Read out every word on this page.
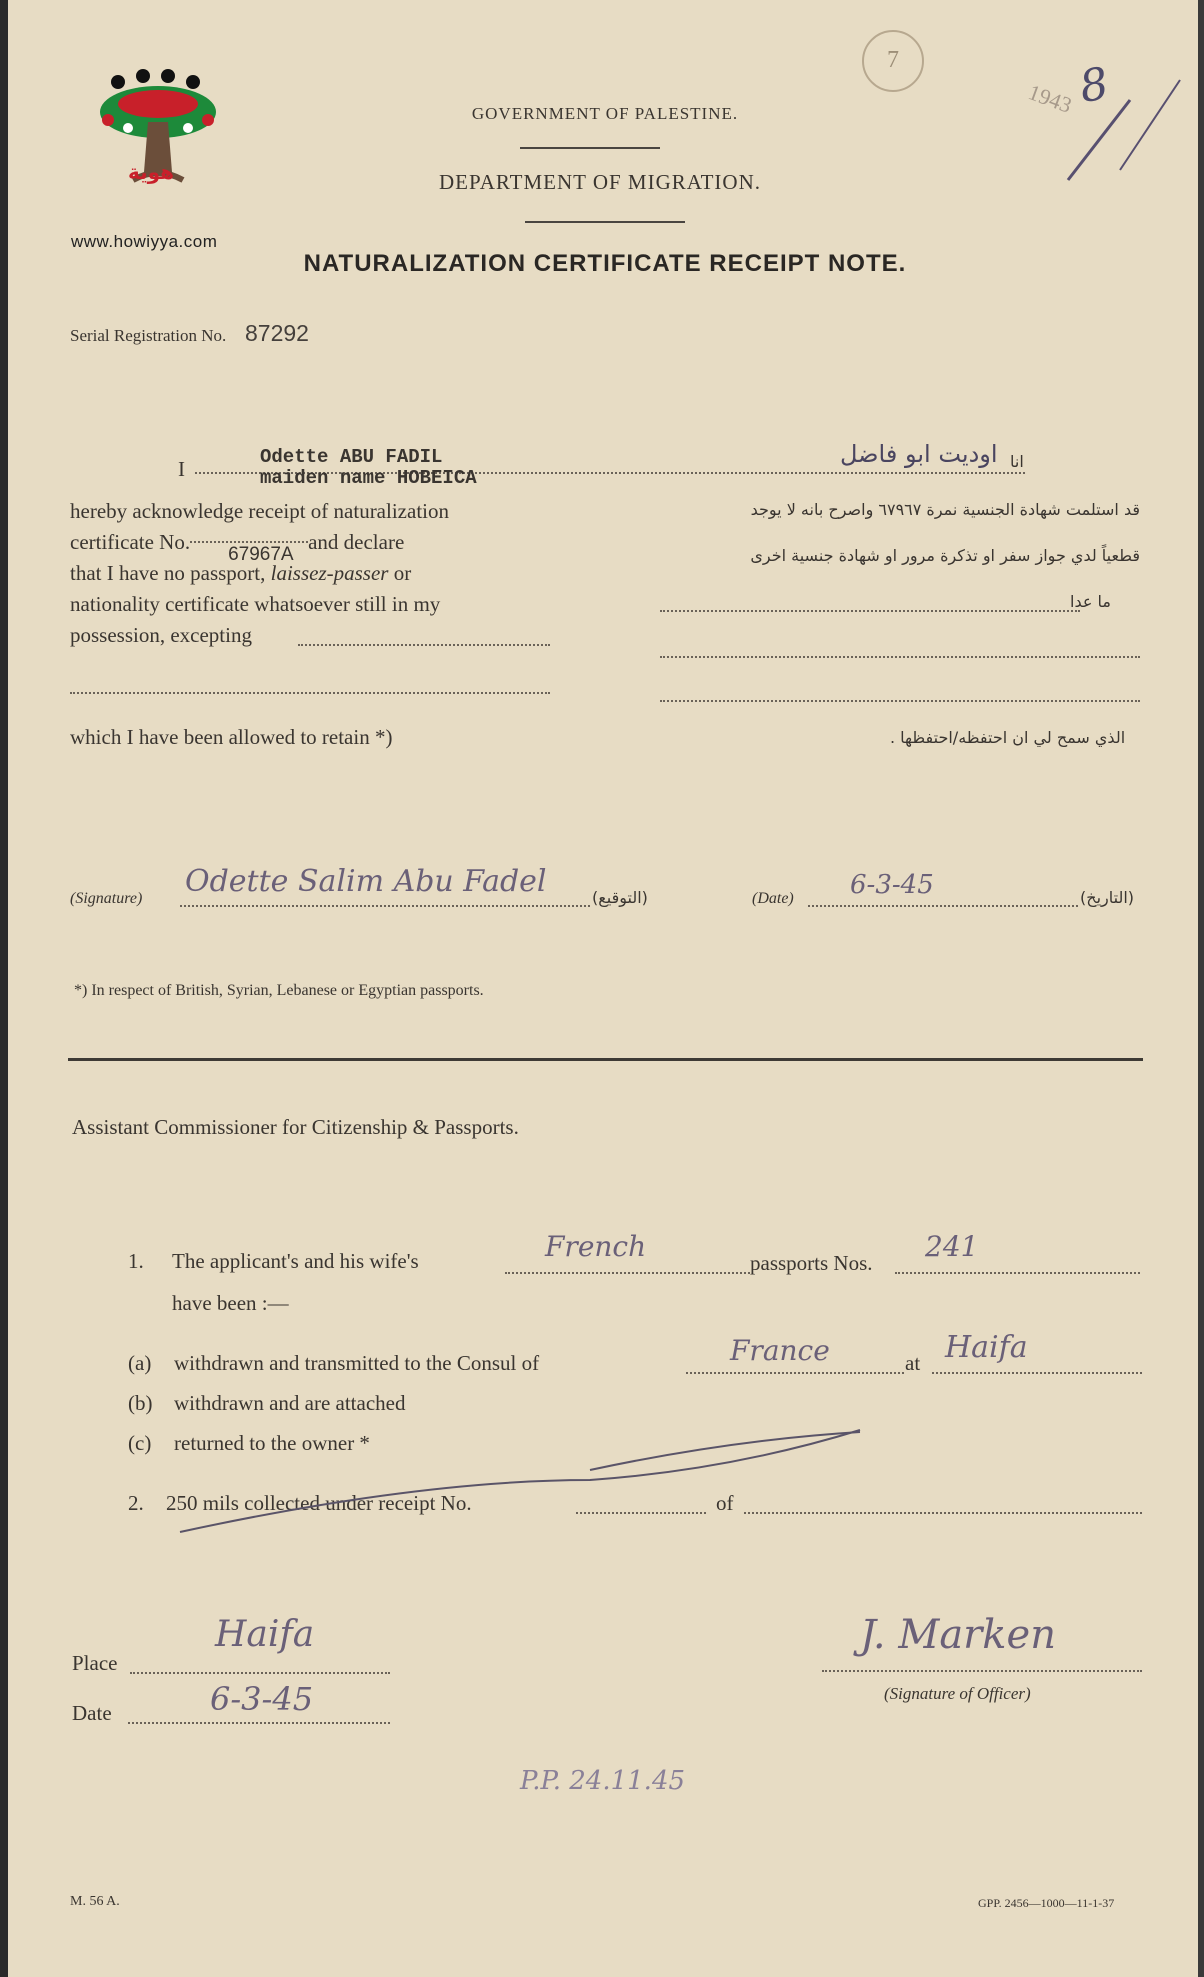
هوية
www.howiyya.com
7
1943 8
GOVERNMENT OF PALESTINE.
DEPARTMENT OF MIGRATION.
NATURALIZATION CERTIFICATE RECEIPT NOTE.
Serial Registration No. 87292
I	Odette ABU FADIL
maiden name HOBEICA
hereby acknowledge receipt of naturalization
certificate No.
67967A
and declare
that I have no passport, laissez-passer or
nationality certificate whatsoever still in my
possession, excepting
which I have been allowed to retain *)
انا
اوديت ابو فاضل
قد استلمت شهادة الجنسية نمرة ٦٧٩٦٧ واصرح بانه لا يوجد
قطعياً لدي جواز سفر او تذكرة مرور او شهادة جنسية اخرى
ما عدا
الذي سمح لي ان احتفظه/احتفظها .
(Signature) Odette Salim Abu Fadel	(التوقيع)	(Date) 6-3-45	(التاريخ)
*) In respect of British, Syrian, Lebanese or Egyptian passports.
Assistant Commissioner for Citizenship & Passports.
1. The applicant's and his wife's	French	passports Nos. 241
have been :—
(a) withdrawn and transmitted to the Consul of	France	at Haifa
(b) withdrawn and are attached
(c) returned to the owner *
2. 250 mils collected under receipt No.	of
Place
Haifa
Date	6-3-45
J. Marken
(Signature of Officer)
P.P. 24.11.45
M. 56 A.	GPP. 2456—1000—11-1-37
